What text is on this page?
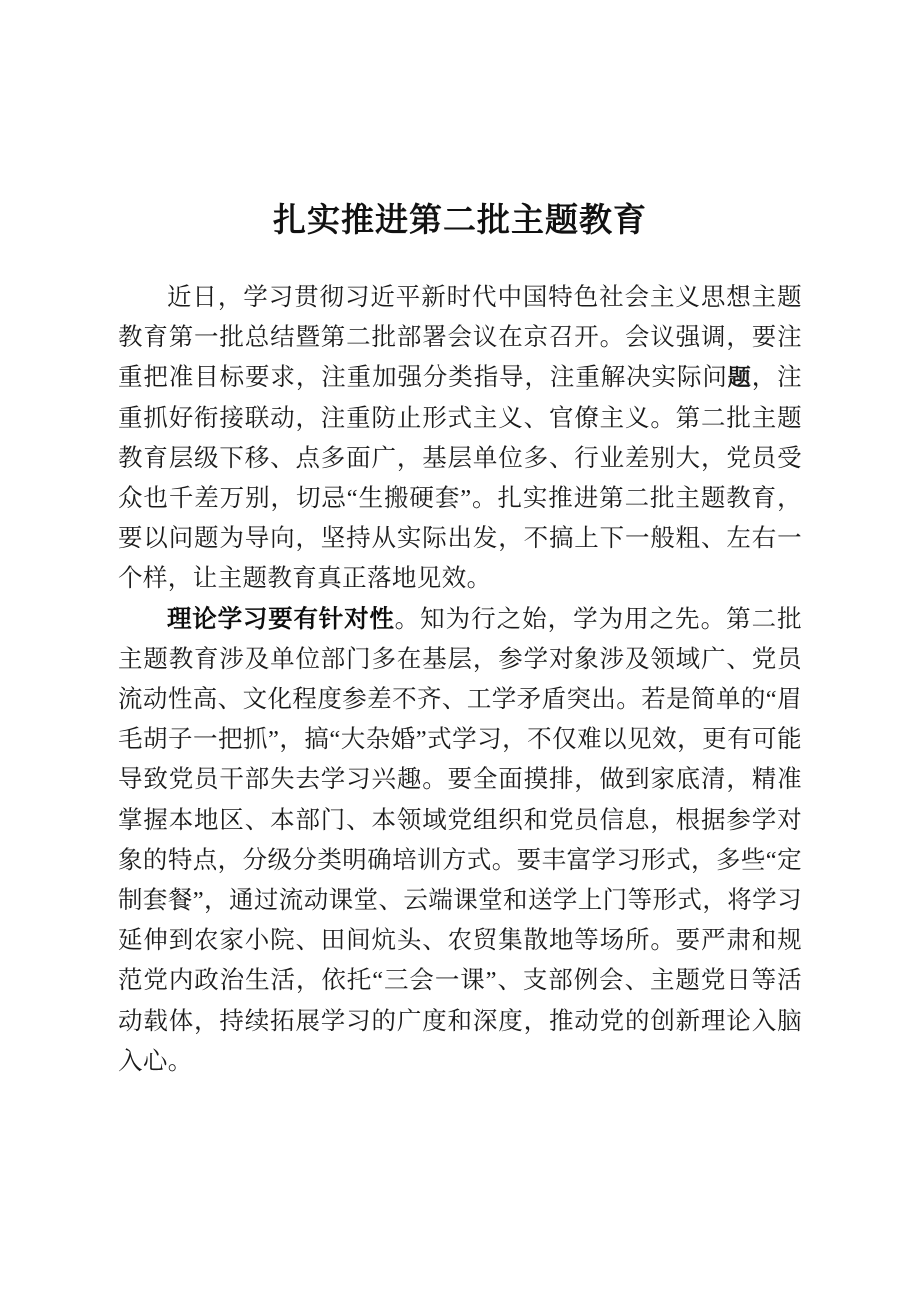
扎实推进第二批主题教育

近日，学习贯彻习近平新时代中国特色社会主义思想主题教育第一批总结暨第二批部署会议在京召开。会议强调，要注重把准目标要求，注重加强分类指导，注重解决实际问题，注重抓好衔接联动，注重防止形式主义、官僚主义。第二批主题教育层级下移、点多面广，基层单位多、行业差别大，党员受众也千差万别，切忌“生搬硬套”。扎实推进第二批主题教育，要以问题为导向，坚持从实际出发，不搞上下一般粗、左右一个样，让主题教育真正落地见效。

理论学习要有针对性。知为行之始，学为用之先。第二批主题教育涉及单位部门多在基层，参学对象涉及领域广、党员流动性高、文化程度参差不齐、工学矛盾突出。若是简单的“眉毛胡子一把抓”，搞“大杂婚”式学习，不仅难以见效，更有可能导致党员干部失去学习兴趣。要全面摸排，做到家底清，精准掌握本地区、本部门、本领域党组织和党员信息，根据参学对象的特点，分级分类明确培训方式。要丰富学习形式，多些“定制套餐”，通过流动课堂、云端课堂和送学上门等形式，将学习延伸到农家小院、田间炕头、农贸集散地等场所。要严肃和规范党内政治生活，依托“三会一课”、支部例会、主题党日等活动载体，持续拓展学习的广度和深度，推动党的创新理论入脑入心。
